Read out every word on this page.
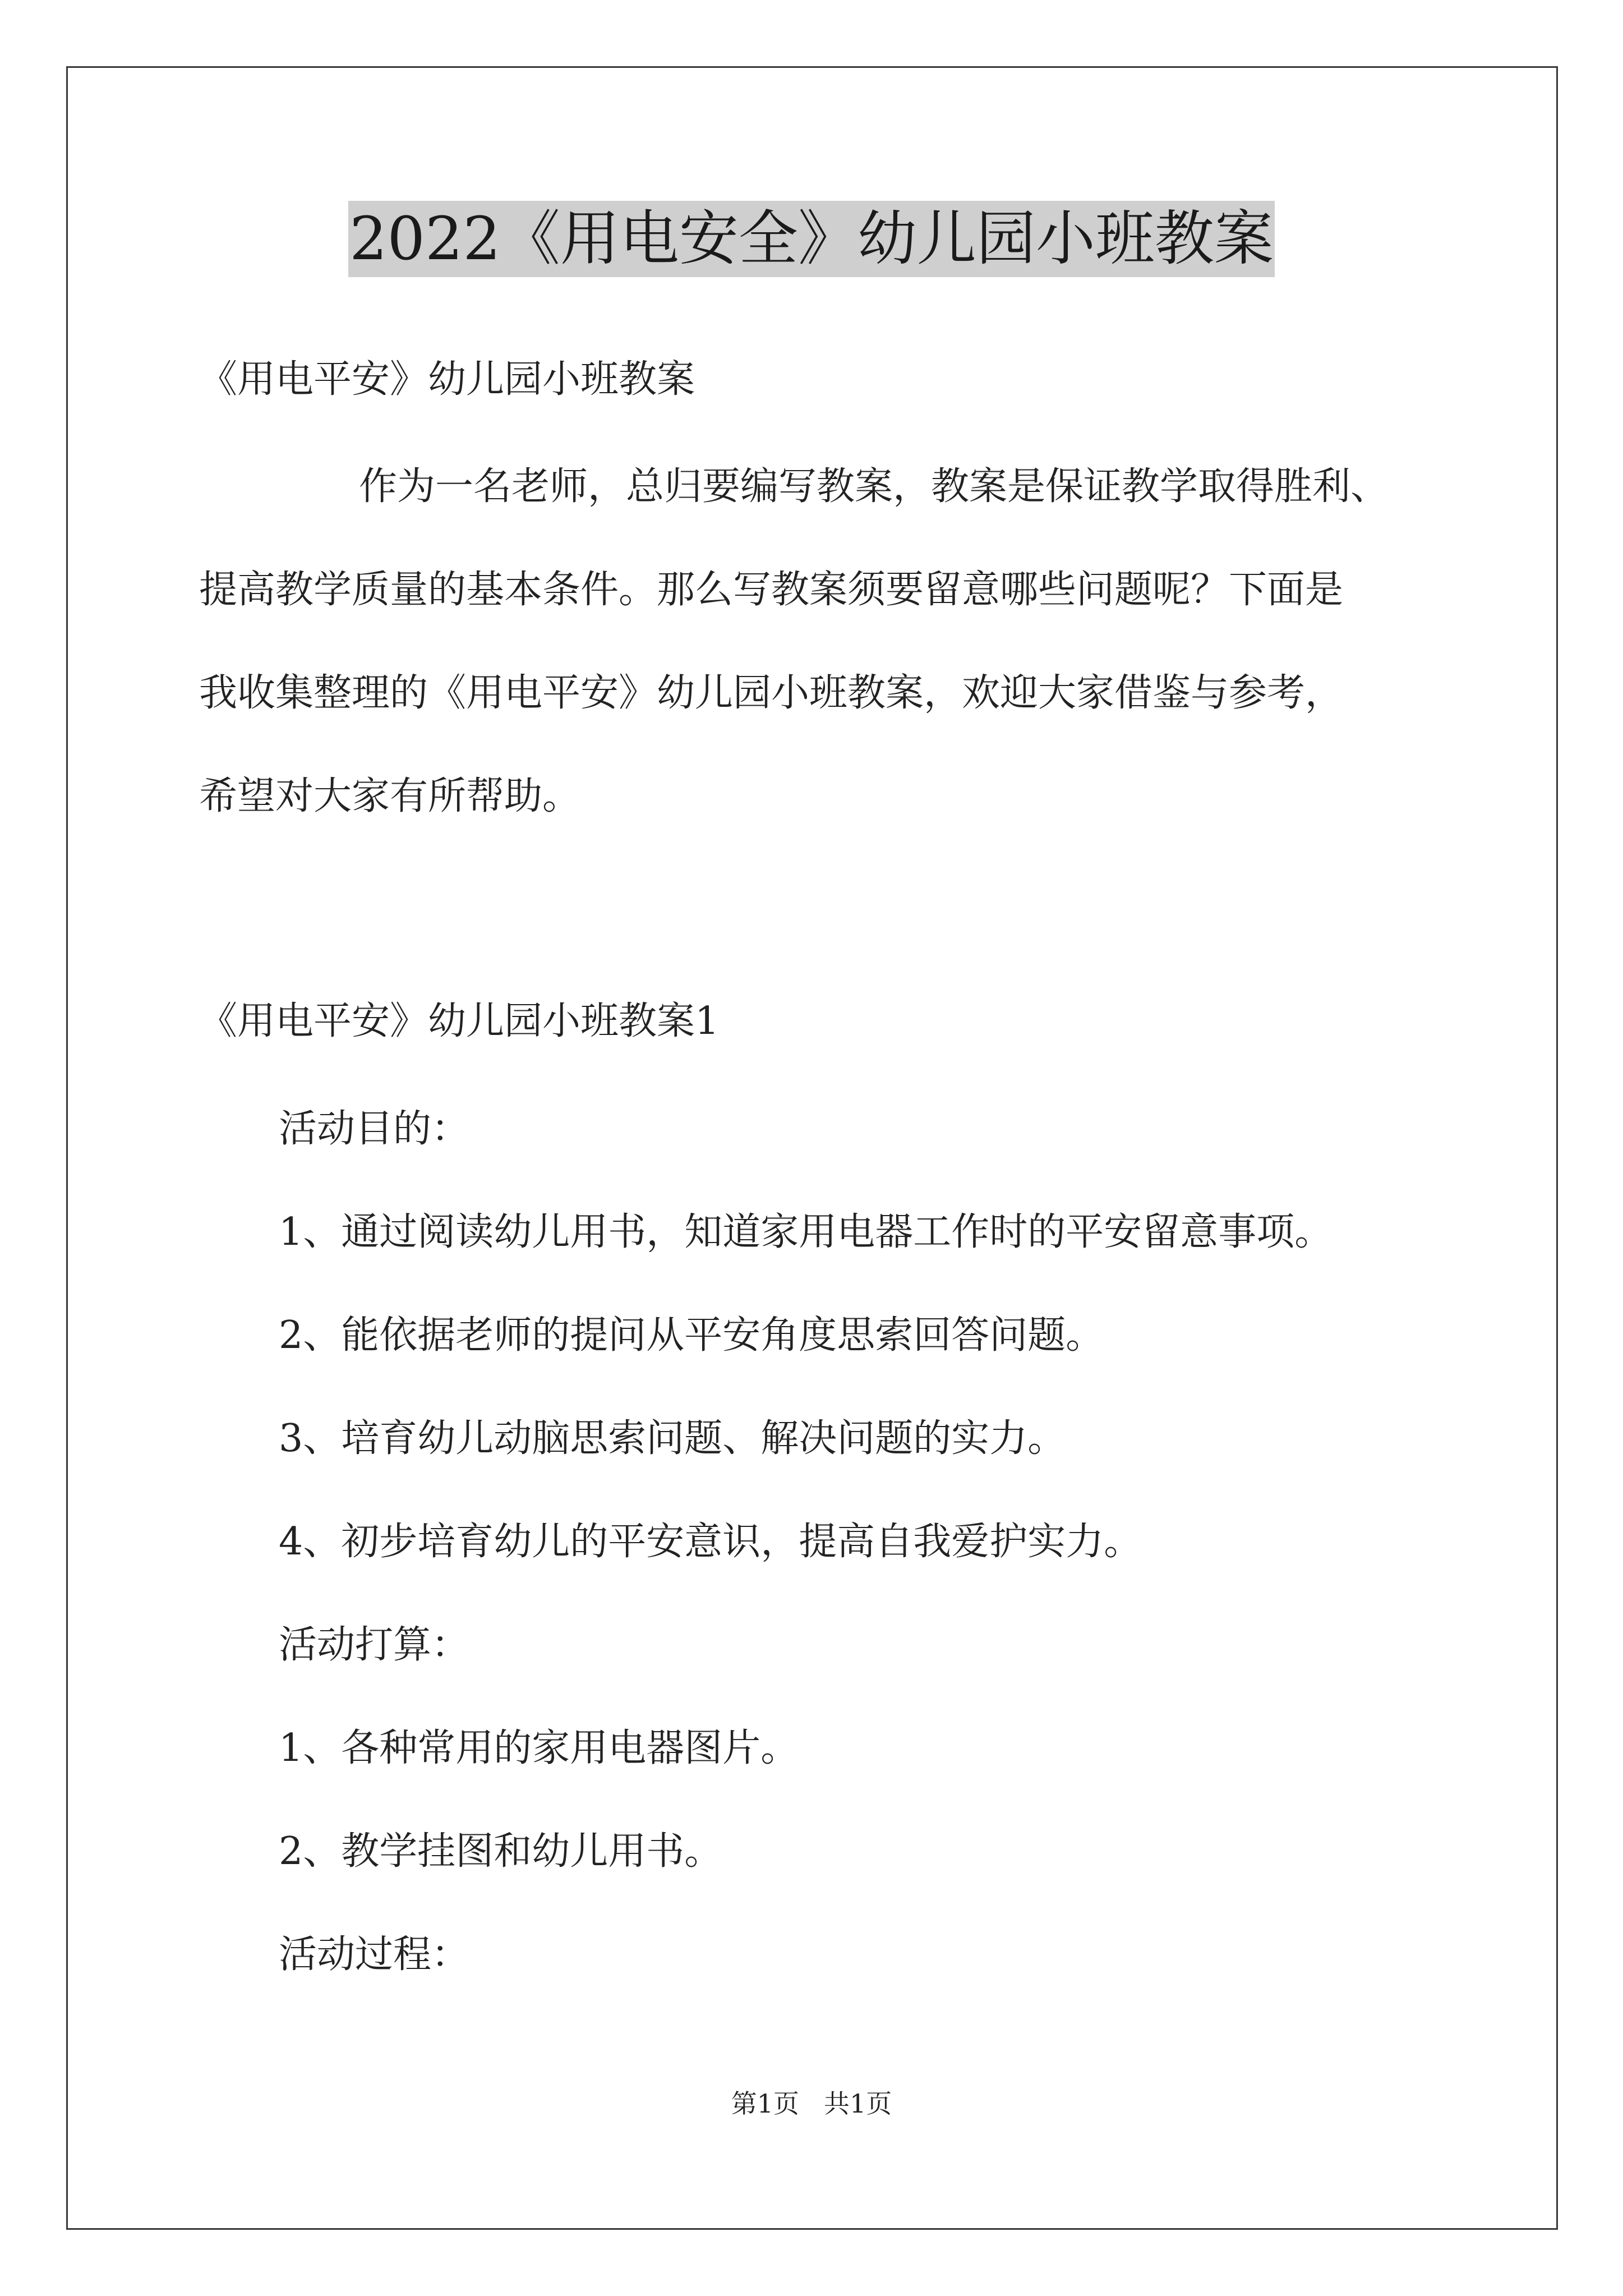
2022《用电安全》幼儿园小班教案
《用电平安》幼儿园小班教案
作为一名老师，总归要编写教案，教案是保证教学取得胜利、
提高教学质量的基本条件。那么写教案须要留意哪些问题呢？下面是
我收集整理的《用电平安》幼儿园小班教案，欢迎大家借鉴与参考，
希望对大家有所帮助。
《用电平安》幼儿园小班教案1
活动目的：
1、通过阅读幼儿用书，知道家用电器工作时的平安留意事项。
2、能依据老师的提问从平安角度思索回答问题。
3、培育幼儿动脑思索问题、解决问题的实力。
4、初步培育幼儿的平安意识，提高自我爱护实力。
活动打算：
1、各种常用的家用电器图片。
2、教学挂图和幼儿用书。
活动过程：
第1页 共1页
